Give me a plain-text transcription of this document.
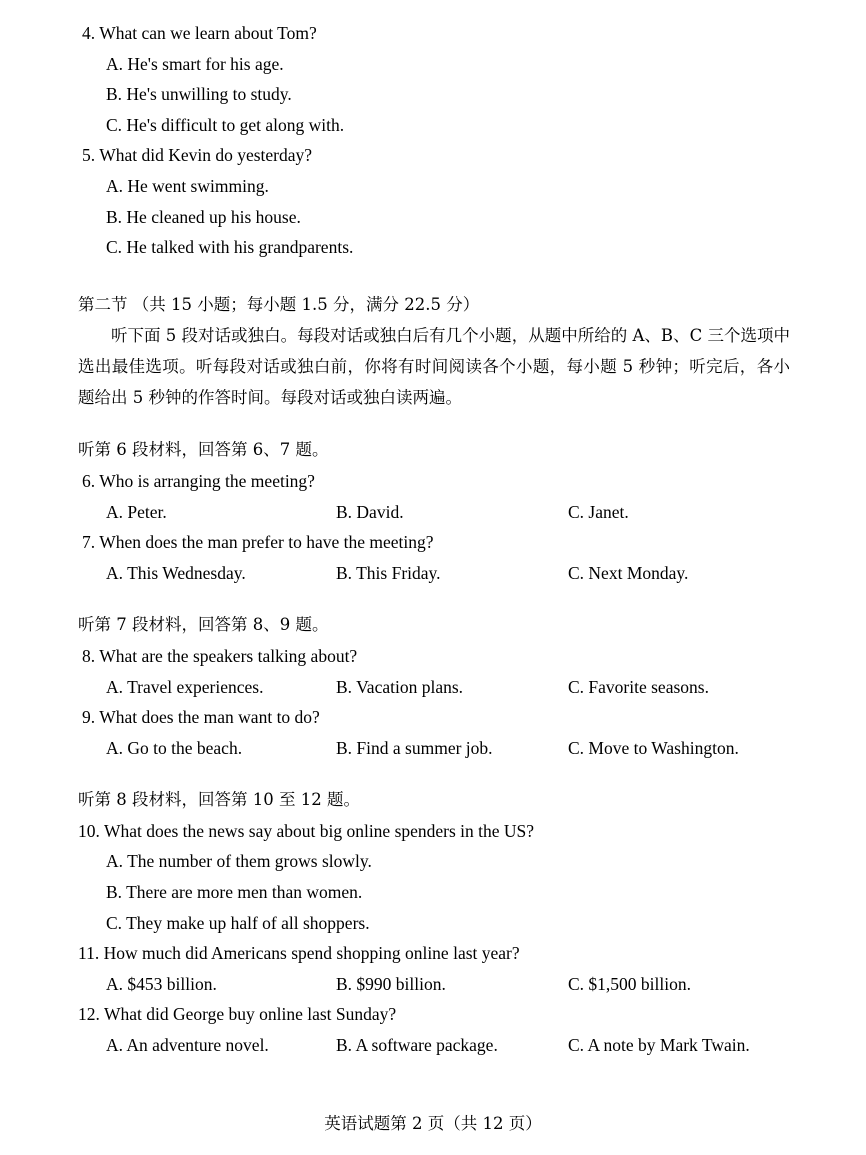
4. What can we learn about Tom?
A. He's smart for his age.
B. He's unwilling to study.
C. He's difficult to get along with.
5. What did Kevin do yesterday?
A. He went swimming.
B. He cleaned up his house.
C. He talked with his grandparents.
第二节 （共 15 小题；每小题 1.5 分，满分 22.5 分）
听下面 5 段对话或独白。每段对话或独白后有几个小题，从题中所给的 A、B、C 三个选项中选出最佳选项。听每段对话或独白前，你将有时间阅读各个小题，每小题 5 秒钟；听完后，各小题给出 5 秒钟的作答时间。每段对话或独白读两遍。
听第 6 段材料，回答第 6、7 题。
6. Who is arranging the meeting?

A. Peter.	B. David.	C. Janet.
7. When does the man prefer to have the meeting?

A. This Wednesday.	B. This Friday.	C. Next Monday.
听第 7 段材料，回答第 8、9 题。
8. What are the speakers talking about?

A. Travel experiences.	B. Vacation plans.	C. Favorite seasons.
9. What does the man want to do?

A. Go to the beach.	B. Find a summer job.	C. Move to Washington.
听第 8 段材料，回答第 10 至 12 题。
10. What does the news say about big online spenders in the US?
A. The number of them grows slowly.
B. There are more men than women.
C. They make up half of all shoppers.
11. How much did Americans spend shopping online last year?

A. $453 billion.	B. $990 billion.	C. $1,500 billion.
12. What did George buy online last Sunday?

A. An adventure novel.	B. A software package.	C. A note by Mark Twain.
英语试题第 2 页（共 12 页）
